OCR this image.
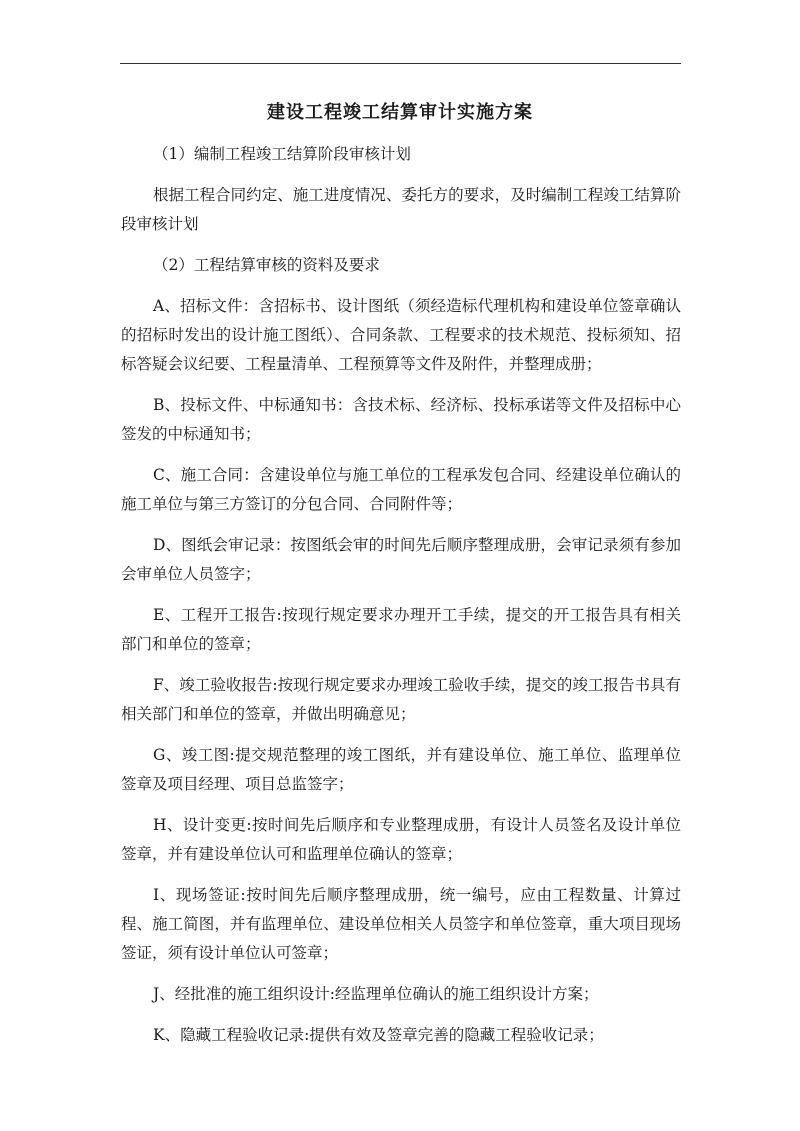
建设工程竣工结算审计实施方案

（1）编制工程竣工结算阶段审核计划

根据工程合同约定、施工进度情况、委托方的要求，及时编制工程竣工结算阶段审核计划

（2）工程结算审核的资料及要求

A、招标文件：含招标书、设计图纸（须经造标代理机构和建设单位签章确认的招标时发出的设计施工图纸）、合同条款、工程要求的技术规范、投标须知、招标答疑会议纪要、工程量清单、工程预算等文件及附件，并整理成册；

B、投标文件、中标通知书：含技术标、经济标、投标承诺等文件及招标中心签发的中标通知书；

C、施工合同：含建设单位与施工单位的工程承发包合同、经建设单位确认的施工单位与第三方签订的分包合同、合同附件等；

D、图纸会审记录：按图纸会审的时间先后顺序整理成册，会审记录须有参加会审单位人员签字；

E、工程开工报告:按现行规定要求办理开工手续，提交的开工报告具有相关部门和单位的签章；

F、竣工验收报告:按现行规定要求办理竣工验收手续，提交的竣工报告书具有相关部门和单位的签章，并做出明确意见；

G、竣工图:提交规范整理的竣工图纸，并有建设单位、施工单位、监理单位签章及项目经理、项目总监签字；

H、设计变更:按时间先后顺序和专业整理成册，有设计人员签名及设计单位签章，并有建设单位认可和监理单位确认的签章；

I、现场签证:按时间先后顺序整理成册，统一编号，应由工程数量、计算过程、施工简图，并有监理单位、建设单位相关人员签字和单位签章，重大项目现场签证，须有设计单位认可签章；

J、经批准的施工组织设计:经监理单位确认的施工组织设计方案；

K、隐藏工程验收记录:提供有效及签章完善的隐藏工程验收记录；
